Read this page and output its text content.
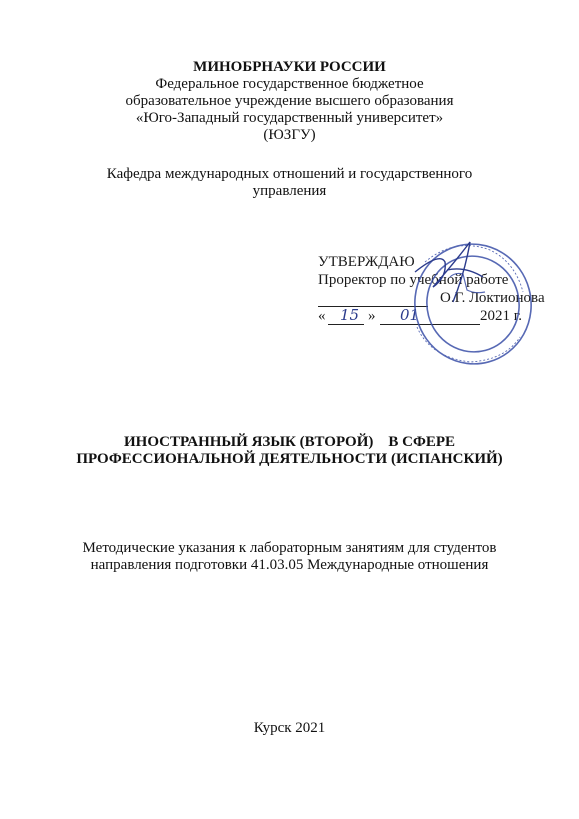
МИНОБРНАУКИ РОССИИ
Федеральное государственное бюджетное
образовательное учреждение высшего образования
«Юго-Западный государственный университет»
(ЮЗГУ)
Кафедра международных отношений и государственного
управления
УТВЕРЖДАЮ
Проректор по учебной работе
О.Г. Локтионова
« 15 » 01	2021 г.
ИНОСТРАННЫЙ ЯЗЫК (ВТОРОЙ)    В СФЕРЕ
ПРОФЕССИОНАЛЬНОЙ ДЕЯТЕЛЬНОСТИ (ИСПАНСКИЙ)
Методические указания к лабораторным занятиям для студентов
направления подготовки 41.03.05 Международные отношения
Курск 2021
